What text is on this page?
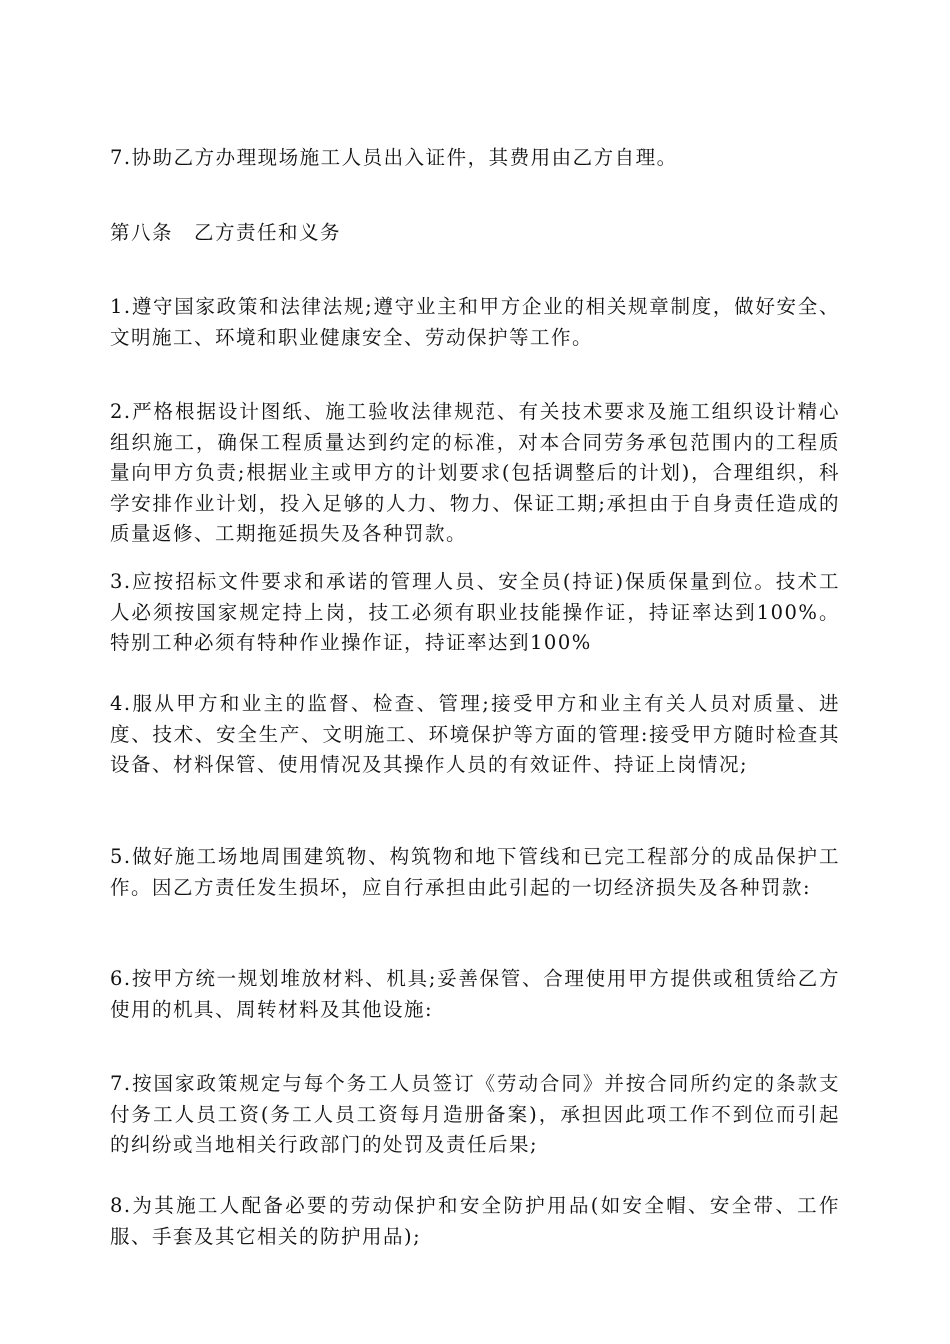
7.协助乙方办理现场施工人员出入证件，其费用由乙方自理。

第八条　乙方责任和义务

1.遵守国家政策和法律法规;遵守业主和甲方企业的相关规章制度，做好安全、文明施工、环境和职业健康安全、劳动保护等工作。

2.严格根据设计图纸、施工验收法律规范、有关技术要求及施工组织设计精心组织施工，确保工程质量达到约定的标准，对本合同劳务承包范围内的工程质量向甲方负责;根据业主或甲方的计划要求(包括调整后的计划)，合理组织，科学安排作业计划，投入足够的人力、物力、保证工期;承担由于自身责任造成的质量返修、工期拖延损失及各种罚款。

3.应按招标文件要求和承诺的管理人员、安全员(持证)保质保量到位。技术工人必须按国家规定持上岗，技工必须有职业技能操作证，持证率达到100%。特别工种必须有特种作业操作证，持证率达到100%

4.服从甲方和业主的监督、检查、管理;接受甲方和业主有关人员对质量、进度、技术、安全生产、文明施工、环境保护等方面的管理:接受甲方随时检查其设备、材料保管、使用情况及其操作人员的有效证件、持证上岗情况;

5.做好施工场地周围建筑物、构筑物和地下管线和已完工程部分的成品保护工作。因乙方责任发生损坏，应自行承担由此引起的一切经济损失及各种罚款:

6.按甲方统一规划堆放材料、机具;妥善保管、合理使用甲方提供或租赁给乙方使用的机具、周转材料及其他设施:

7.按国家政策规定与每个务工人员签订《劳动合同》并按合同所约定的条款支付务工人员工资(务工人员工资每月造册备案)，承担因此项工作不到位而引起的纠纷或当地相关行政部门的处罚及责任后果;

8.为其施工人配备必要的劳动保护和安全防护用品(如安全帽、安全带、工作服、手套及其它相关的防护用品);
